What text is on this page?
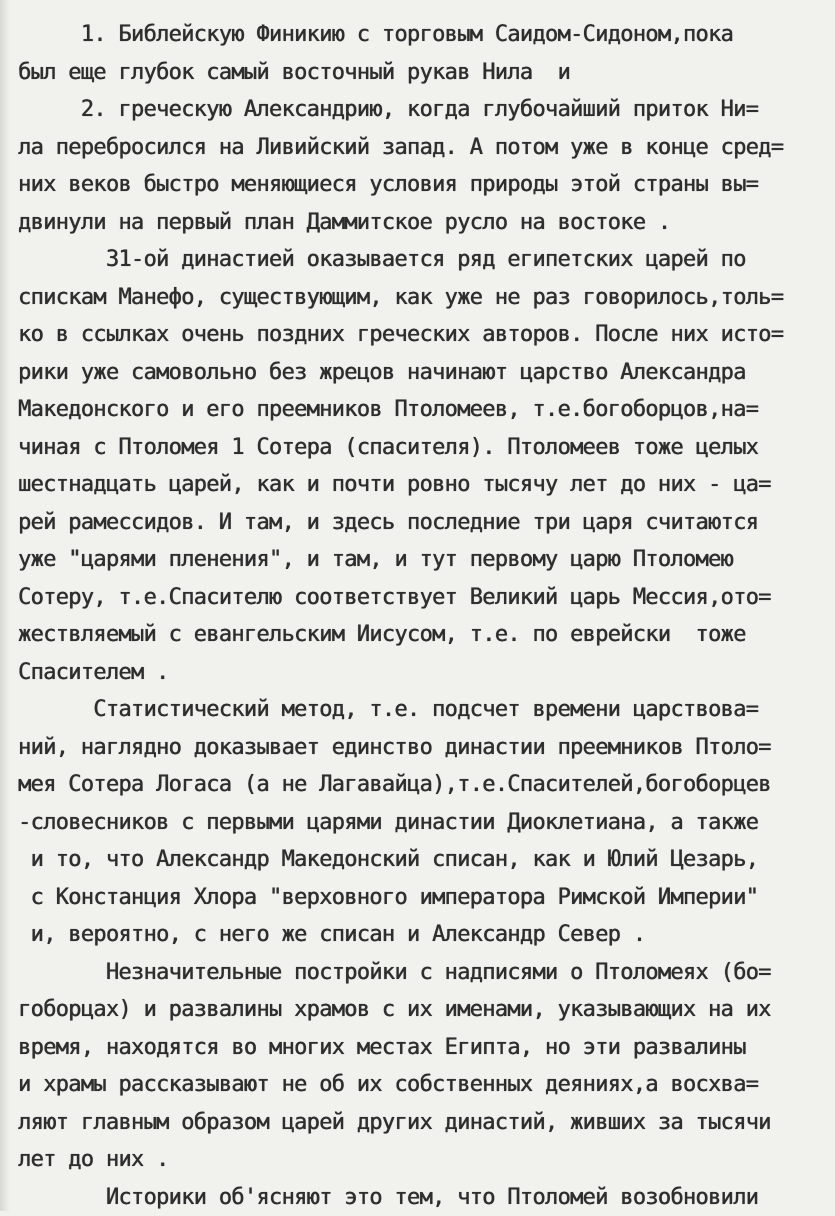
1. Библейскую Финикию с торговым Саидом-Сидоном,пока
был еще глубок самый восточный рукав Нила  и
2. греческую Александрию, когда глубочайший приток Ни=
ла перебросился на Ливийский запад. А потом уже в конце сред=
них веков быстро меняющиеся условия природы этой страны вы=
двинули на первый план Даммитское русло на востоке .
31-ой династией оказывается ряд египетских царей по
спискам Манефо, существующим, как уже не раз говорилось,толь=
ко в ссылках очень поздних греческих авторов. После них исто=
рики уже самовольно без жрецов начинают царство Александра
Македонского и его преемников Птоломеев, т.е.богоборцов,на=
чиная с Птоломея 1 Сотера (спасителя). Птоломеев тоже целых
шестнадцать царей, как и почти ровно тысячу лет до них - ца=
рей рамессидов. И там, и здесь последние три царя считаются
уже "царями пленения", и там, и тут первому царю Птоломею
Сотеру, т.е.Спасителю соответствует Великий царь Мессия,ото=
жествляемый с евангельским Иисусом, т.е. по еврейски  тоже
Спасителем .
Статистический метод, т.е. подсчет времени царствова=
ний, наглядно доказывает единство династии преемников Птоло=
мея Сотера Логаса (а не Лагавайца),т.е.Спасителей,богоборцев
-словесников с первыми царями династии Диоклетиана, а также
и то, что Александр Македонский списан, как и Юлий Цезарь,
с Констанция Хлора "верховного императора Римской Империи"
и, вероятно, с него же списан и Александр Север .
Незначительные постройки с надписями о Птоломеях (бо=
гоборцах) и развалины храмов с их именами, указывающих на их
время, находятся во многих местах Египта, но эти развалины
и храмы рассказывают не об их собственных деяниях,а восхва=
ляют главным образом царей других династий, живших за тысячи
лет до них .
Историки об'ясняют это тем, что Птоломей возобновили
